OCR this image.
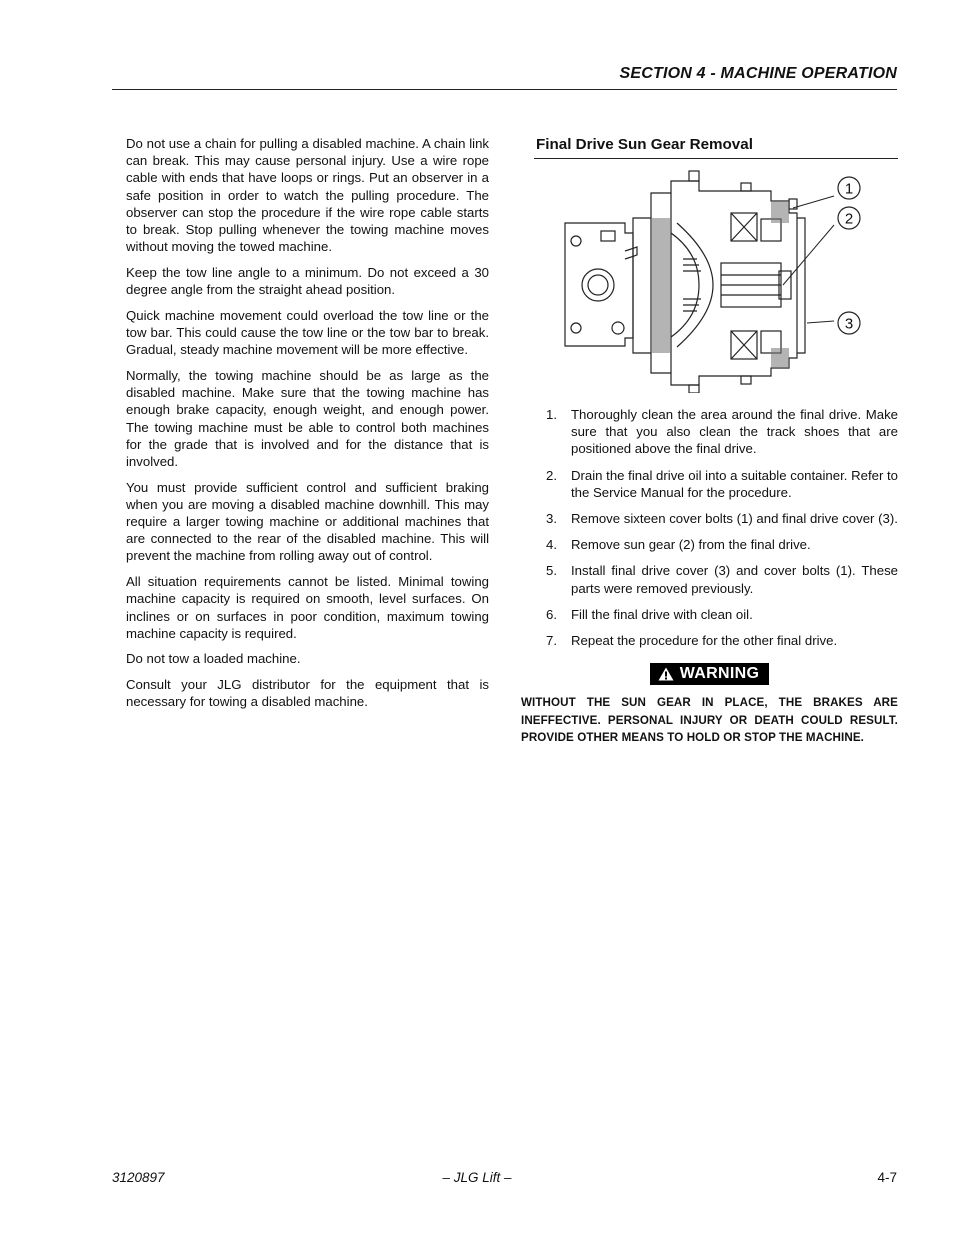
SECTION 4 - MACHINE OPERATION

Do not use a chain for pulling a disabled machine. A chain link can break. This may cause personal injury. Use a wire rope cable with ends that have loops or rings. Put an observer in a safe position in order to watch the pulling procedure. The observer can stop the procedure if the wire rope cable starts to break. Stop pulling whenever the towing machine moves without moving the towed machine.

Keep the tow line angle to a minimum. Do not exceed a 30 degree angle from the straight ahead position.

Quick machine movement could overload the tow line or the tow bar. This could cause the tow line or the tow bar to break. Gradual, steady machine movement will be more effective.

Normally, the towing machine should be as large as the disabled machine. Make sure that the towing machine has enough brake capacity, enough weight, and enough power. The towing machine must be able to control both machines for the grade that is involved and for the distance that is involved.

You must provide sufficient control and sufficient braking when you are moving a disabled machine downhill. This may require a larger towing machine or additional machines that are connected to the rear of the disabled machine. This will prevent the machine from rolling away out of control.

All situation requirements cannot be listed. Minimal towing machine capacity is required on smooth, level surfaces. On inclines or on surfaces in poor condition, maximum towing machine capacity is required.

Do not tow a loaded machine.

Consult your JLG distributor for the equipment that is necessary for towing a disabled machine.

Final Drive Sun Gear Removal
1
2
3
1. Thoroughly clean the area around the final drive. Make sure that you also clean the track shoes that are positioned above the final drive.
2. Drain the final drive oil into a suitable container. Refer to the Service Manual for the procedure.
3. Remove sixteen cover bolts (1) and final drive cover (3).
4. Remove sun gear (2) from the final drive.
5. Install final drive cover (3) and cover bolts (1). These parts were removed previously.
6. Fill the final drive with clean oil.
7. Repeat the procedure for the other final drive.
WARNING
WITHOUT THE SUN GEAR IN PLACE, THE BRAKES ARE INEFFECTIVE. PERSONAL INJURY OR DEATH COULD RESULT. PROVIDE OTHER MEANS TO HOLD OR STOP THE MACHINE.
3120897	– JLG Lift –	4-7
